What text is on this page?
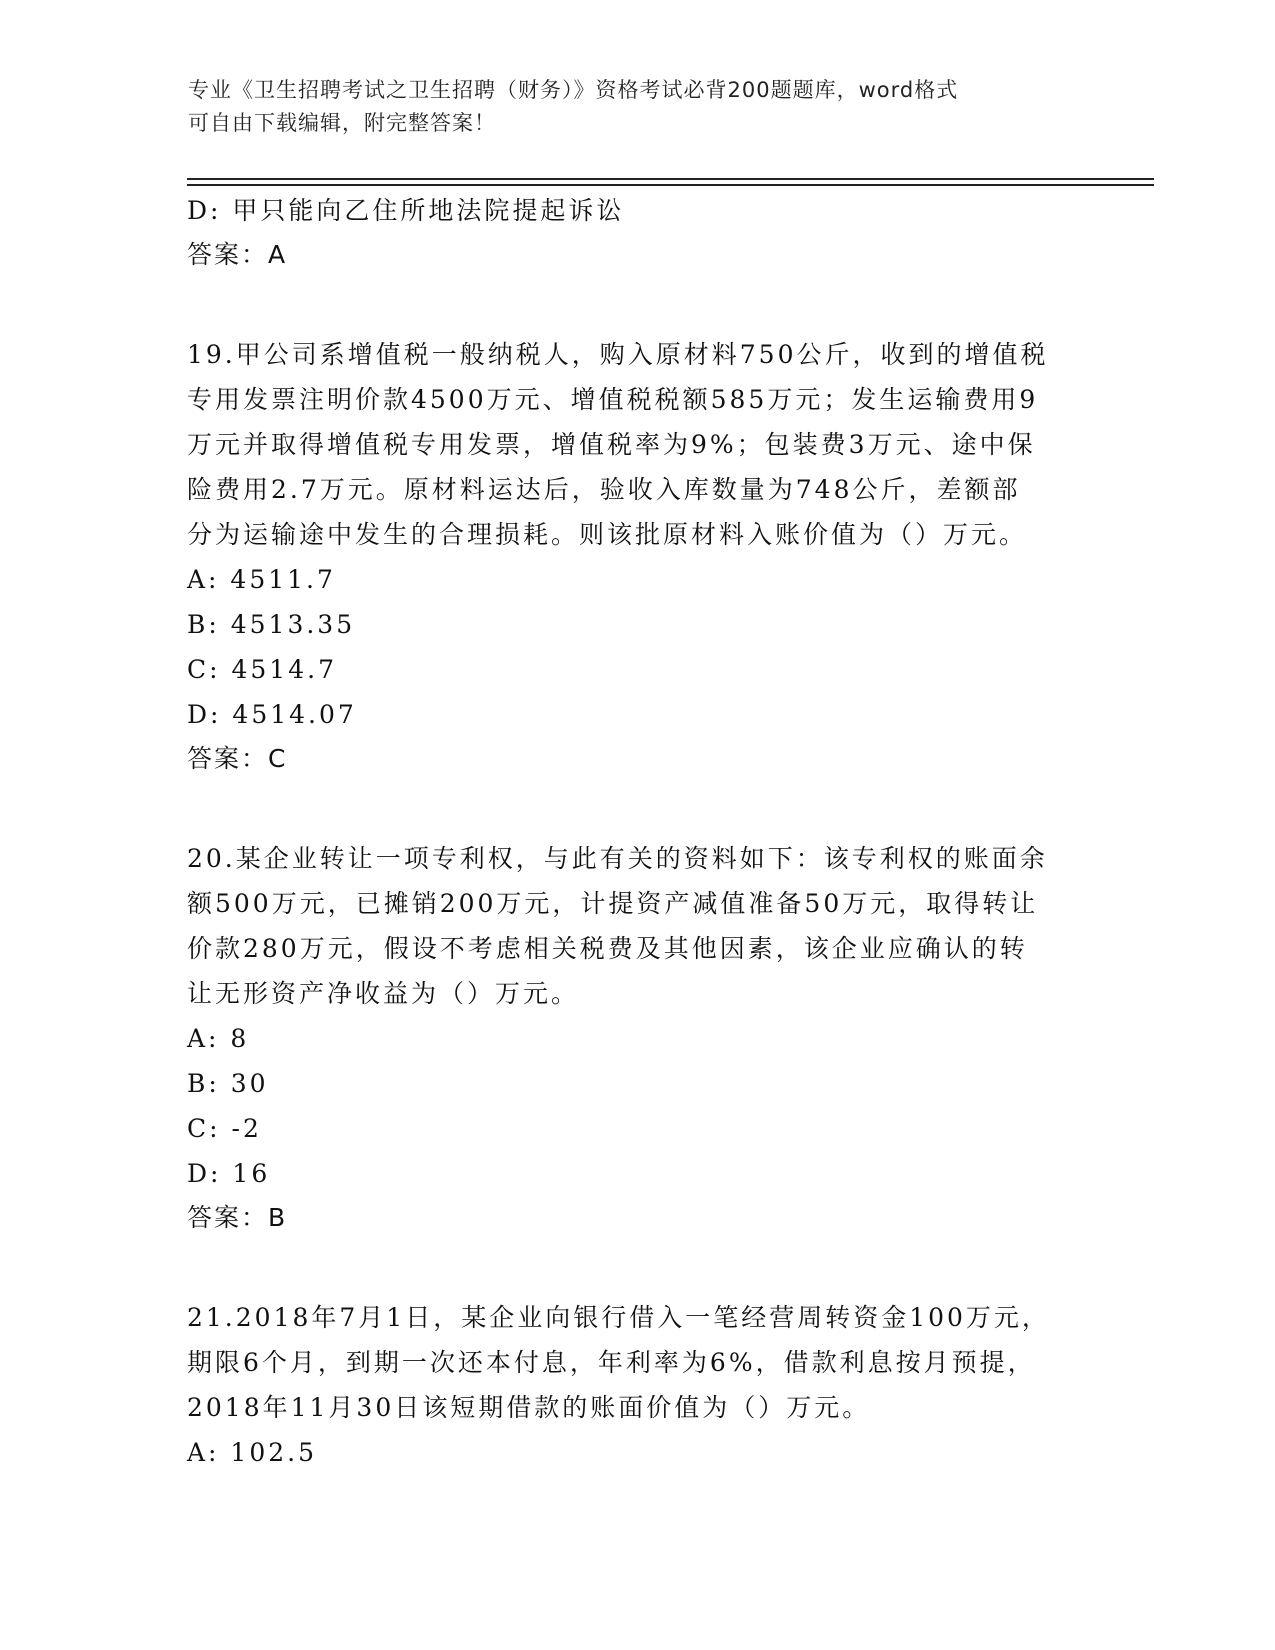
专业《卫生招聘考试之卫生招聘（财务）》资格考试必背200题题库，word格式
可自由下载编辑，附完整答案！
D: 甲只能向乙住所地法院提起诉讼
答案：A
19.甲公司系增值税一般纳税人，购入原材料750公斤，收到的增值税
专用发票注明价款4500万元、增值税税额585万元；发生运输费用9
万元并取得增值税专用发票，增值税率为9%；包装费3万元、途中保
险费用2.7万元。原材料运达后，验收入库数量为748公斤，差额部
分为运输途中发生的合理损耗。则该批原材料入账价值为（）万元。
A: 4511.7
B: 4513.35
C: 4514.7
D: 4514.07
答案：C
20.某企业转让一项专利权，与此有关的资料如下：该专利权的账面余
额500万元，已摊销200万元，计提资产减值准备50万元，取得转让
价款280万元，假设不考虑相关税费及其他因素，该企业应确认的转
让无形资产净收益为（）万元。
A: 8
B: 30
C: -2
D: 16
答案：B
21.2018年7月1日，某企业向银行借入一笔经营周转资金100万元，
期限6个月，到期一次还本付息，年利率为6%，借款利息按月预提，
2018年11月30日该短期借款的账面价值为（）万元。
A: 102.5
